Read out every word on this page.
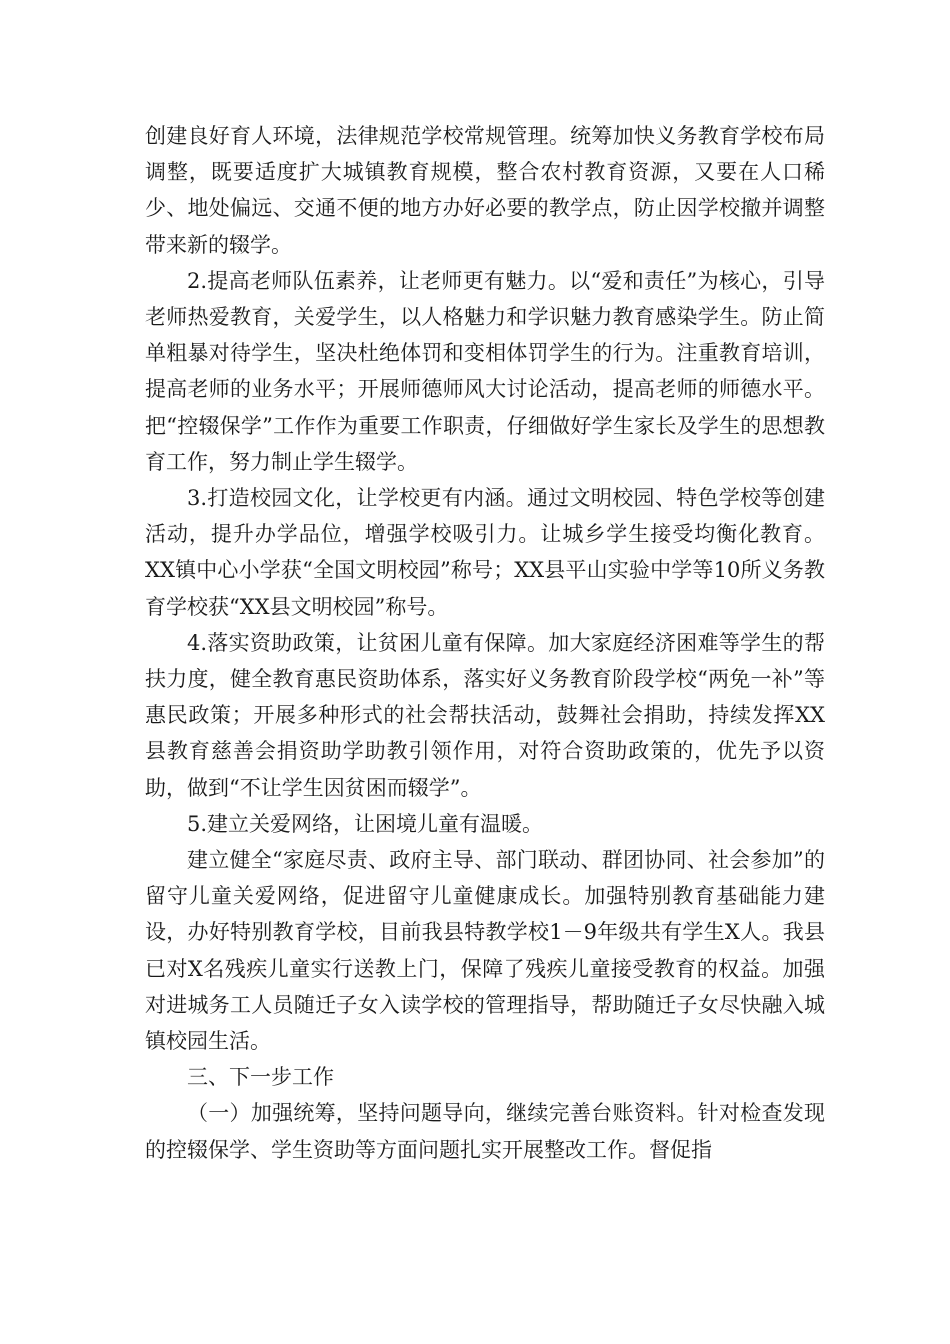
创建良好育人环境，法律规范学校常规管理。统筹加快义务教育学校布局调整，既要适度扩大城镇教育规模，整合农村教育资源，又要在人口稀少、地处偏远、交通不便的地方办好必要的教学点，防止因学校撤并调整带来新的辍学。

2.提高老师队伍素养，让老师更有魅力。以“爱和责任”为核心，引导老师热爱教育，关爱学生，以人格魅力和学识魅力教育感染学生。防止简单粗暴对待学生，坚决杜绝体罚和变相体罚学生的行为。注重教育培训，提高老师的业务水平；开展师德师风大讨论活动，提高老师的师德水平。把“控辍保学”工作作为重要工作职责，仔细做好学生家长及学生的思想教育工作，努力制止学生辍学。

3.打造校园文化，让学校更有内涵。通过文明校园、特色学校等创建活动，提升办学品位，增强学校吸引力。让城乡学生接受均衡化教育。XX镇中心小学获“全国文明校园”称号；XX县平山实验中学等10所义务教育学校获“XX县文明校园”称号。

4.落实资助政策，让贫困儿童有保障。加大家庭经济困难等学生的帮扶力度，健全教育惠民资助体系，落实好义务教育阶段学校“两免一补”等惠民政策；开展多种形式的社会帮扶活动，鼓舞社会捐助，持续发挥XX县教育慈善会捐资助学助教引领作用，对符合资助政策的，优先予以资助，做到“不让学生因贫困而辍学”。

5.建立关爱网络，让困境儿童有温暖。

建立健全“家庭尽责、政府主导、部门联动、群团协同、社会参加”的留守儿童关爱网络，促进留守儿童健康成长。加强特别教育基础能力建设，办好特别教育学校，目前我县特教学校1－9年级共有学生X人。我县已对X名残疾儿童实行送教上门，保障了残疾儿童接受教育的权益。加强对进城务工人员随迁子女入读学校的管理指导，帮助随迁子女尽快融入城镇校园生活。

三、下一步工作

（一）加强统筹，坚持问题导向，继续完善台账资料。针对检查发现的控辍保学、学生资助等方面问题扎实开展整改工作。督促指
